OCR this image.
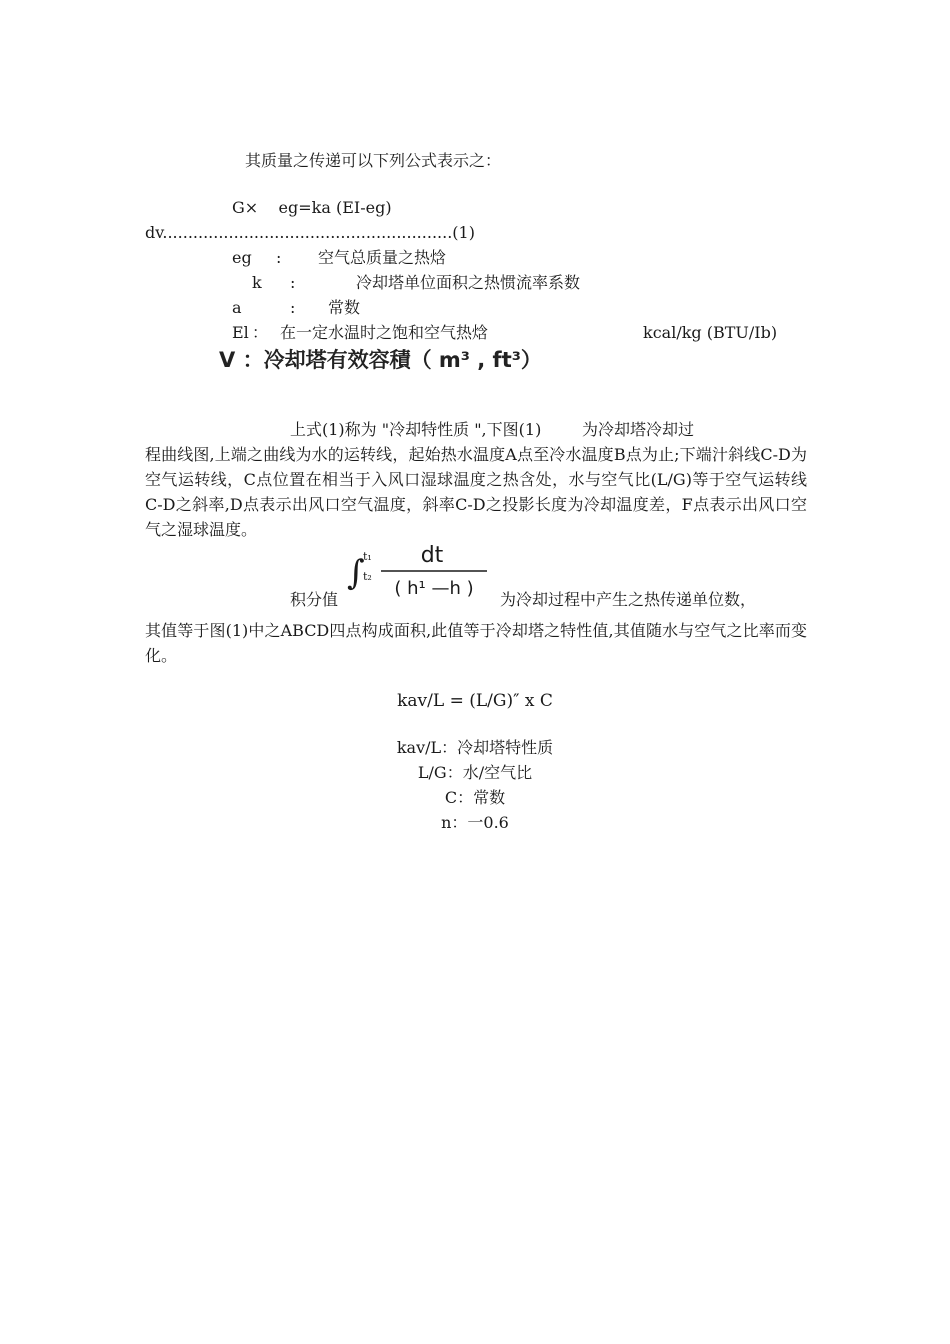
其质量之传递可以下列公式表示之：
G×    eg=ka (EI-eg)
dv.........................................................(1)
eg : 空气总质量之热焓
k :	冷却塔单位面积之热惯流率系数
a	: 常数
El ： 在一定水温时之饱和空气热焓	kcal/kg (BTU/Ib)
V ：冷却塔有效容積（ m³ , ft³）
上式(1)称为 "冷却特性质 ",下图(1)        为冷却塔冷却过
程曲线图,上端之曲线为水的运转线，起始热水温度A点至冷水温度B点为止;下端汁斜线C-D为空气运转线，C点位置在相当于入风口湿球温度之热含处，水与空气比(L/G)等于空气运转线C-D之斜率,D点表示出风口空气温度，斜率C-D之投影长度为冷却温度差，F点表示出风口空气之湿球温度。
∫
t₁
t₂
dt
( h¹ —h )
积分值	为冷却过程中产生之热传递单位数，
其值等于图(1)中之ABCD四点构成面积,此值等于冷却塔之特性值,其值随水与空气之比率而变化。
kav/L = (L/G)″ x C
kav/L：冷却塔特性质
L/G：水/空气比
C：常数
n：一0.6
